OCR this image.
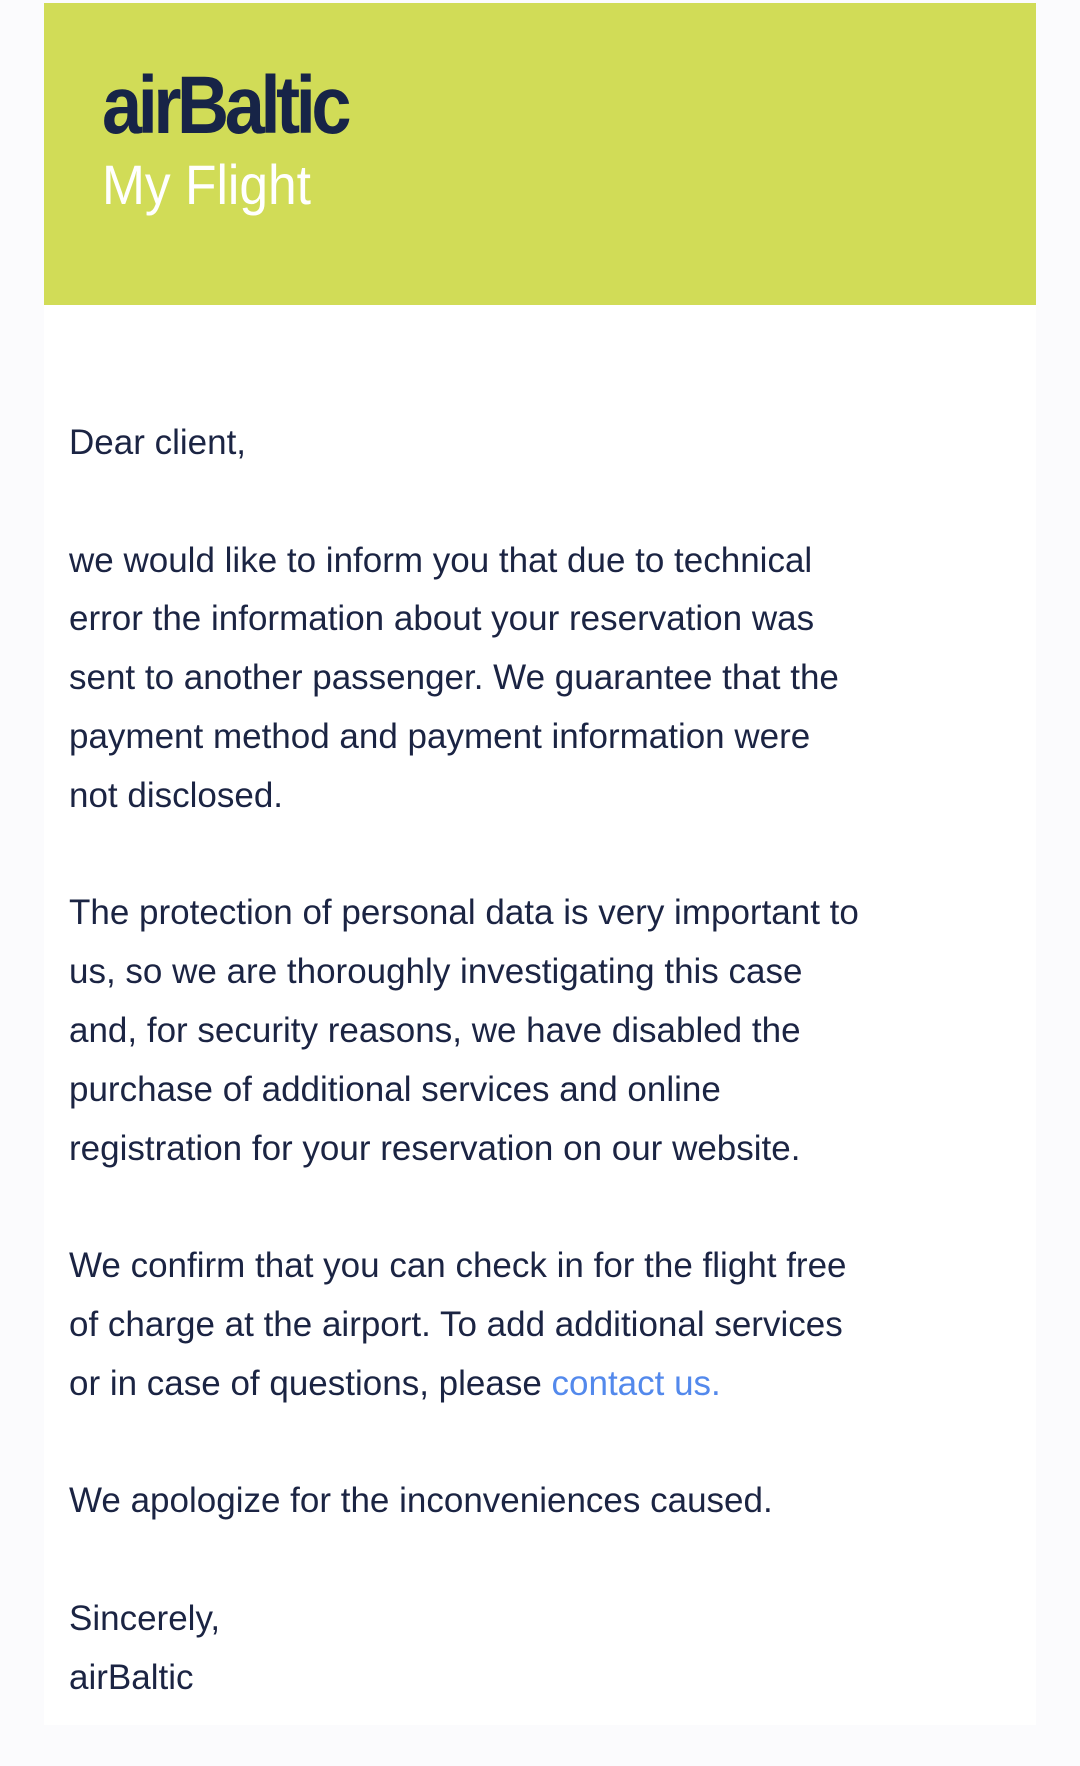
airBaltic
My Flight

Dear client,

we would like to inform you that due to technical
error the information about your reservation was
sent to another passenger. We guarantee that the
payment method and payment information were
not disclosed.

The protection of personal data is very important to
us, so we are thoroughly investigating this case
and, for security reasons, we have disabled the
purchase of additional services and online
registration for your reservation on our website.

We confirm that you can check in for the flight free
of charge at the airport. To add additional services
or in case of questions, please contact us.

We apologize for the inconveniences caused.

Sincerely,
airBaltic
